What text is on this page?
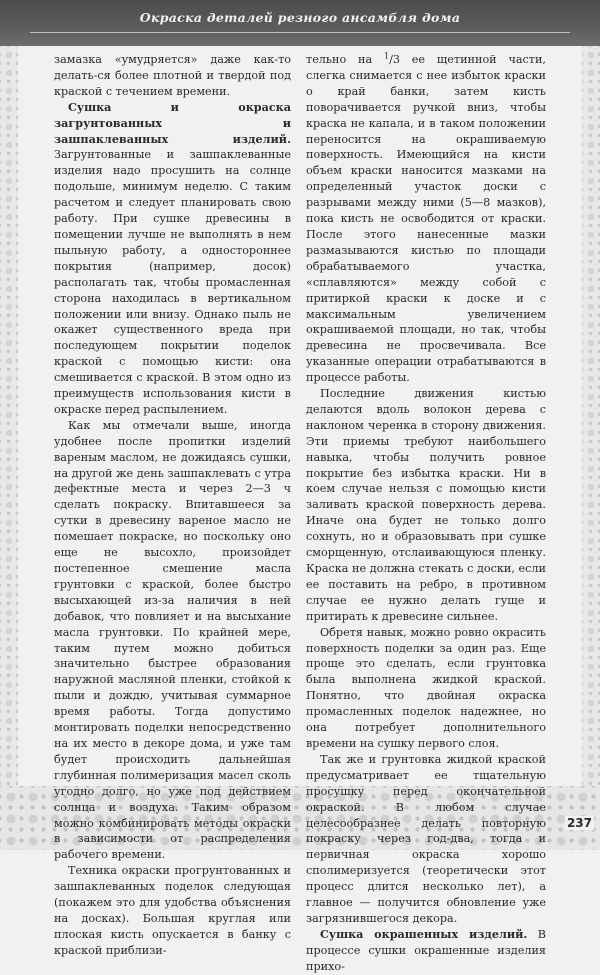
Окраска деталей резного ансамбля дома

замазка «умудряется» даже как-то делать-ся более плотной и твердой под краской с течением времени.

Сушка и окраска загрунтованных и зашпаклеванных изделий. Загрунтованные и зашпаклеванные изделия надо просушить на солнце подольше, минимум неделю. С таким расчетом и следует планировать свою работу. При сушке древесины в помещении лучше не выполнять в нем пыльную работу, а одностороннее покрытия (например, досок) располагать так, чтобы промасленная сторона находилась в вертикальном положении или внизу. Однако пыль не окажет существенного вреда при последующем покрытии поделок краской с помощью кисти: она смешивается с краской. В этом одно из преимуществ использования кисти в окраске перед распылением.

Как мы отмечали выше, иногда удобнее после пропитки изделий вареным маслом, не дожидаясь сушки, на другой же день зашпаклевать с утра дефектные места и через 2—3 ч сделать покраску. Впитавшееся за сутки в древесину вареное масло не помешает покраске, но поскольку оно еще не высохло, произойдет постепенное смешение масла грунтовки с краской, более быстро высыхающей из-за наличия в ней добавок, что повлияет и на высыхание масла грунтовки. По крайней мере, таким путем можно добиться значительно быстрее образования наружной масляной пленки, стойкой к пыли и дождю, учитывая суммарное время работы. Тогда допустимо монтировать поделки непосредственно на их место в декоре дома, и уже там будет происходить дальнейшая глубинная полимеризация масел сколь угодно долго, но уже под действием солнца и воздуха. Таким образом можно комбинировать методы окраски в зависимости от распределения рабочего времени.

Техника окраски прогрунтованных и зашпаклеванных поделок следующая (покажем это для удобства объяснения на досках). Большая круглая или плоская кисть опускается в банку с краской приблизи-

тельно на $^1$/3 ее щетинной части, слегка снимается с нее избыток краски о край банки, затем кисть поворачивается ручкой вниз, чтобы краска не капала, и в таком положении переносится на окрашиваемую поверхность. Имеющийся на кисти объем краски наносится мазками на определенный участок доски с разрывами между ними (5—8 мазков), пока кисть не освободится от краски. После этого нанесенные мазки размазываются кистью по площади обрабатываемого участка, «сплавляются» между собой с притиркой краски к доске и с максимальным увеличением окрашиваемой площади, но так, чтобы древесина не просвечивала. Все указанные операции отрабатываются в процессе работы.

Последние движения кистью делаются вдоль волокон дерева с наклоном черенка в сторону движения. Эти приемы требуют наибольшего навыка, чтобы получить ровное покрытие без избытка краски. Ни в коем случае нельзя с помощью кисти заливать краской поверхность дерева. Иначе она будет не только долго сохнуть, но и образовывать при сушке сморщенную, отслаивающуюся пленку. Краска не должна стекать с доски, если ее поставить на ребро, в противном случае ее нужно делать гуще и притирать к древесине сильнее.

Обретя навык, можно ровно окрасить поверхность поделки за один раз. Еще проще это сделать, если грунтовка была выполнена жидкой краской. Понятно, что двойная окраска промасленных поделок надежнее, но она потребует дополнительного времени на сушку первого слоя.

Так же и грунтовка жидкой краской предусматривает ее тщательную просушку перед окончательной окраской. В любом случае целесообразнее делать повторную покраску через год-два, тогда и первичная окраска хорошо сполимеризуется (теоретически этот процесс длится несколько лет), а главное — получится обновление уже загрязнившегося декора.

Сушка окрашенных изделий. В процессе сушки окрашенные изделия прихо-

237
